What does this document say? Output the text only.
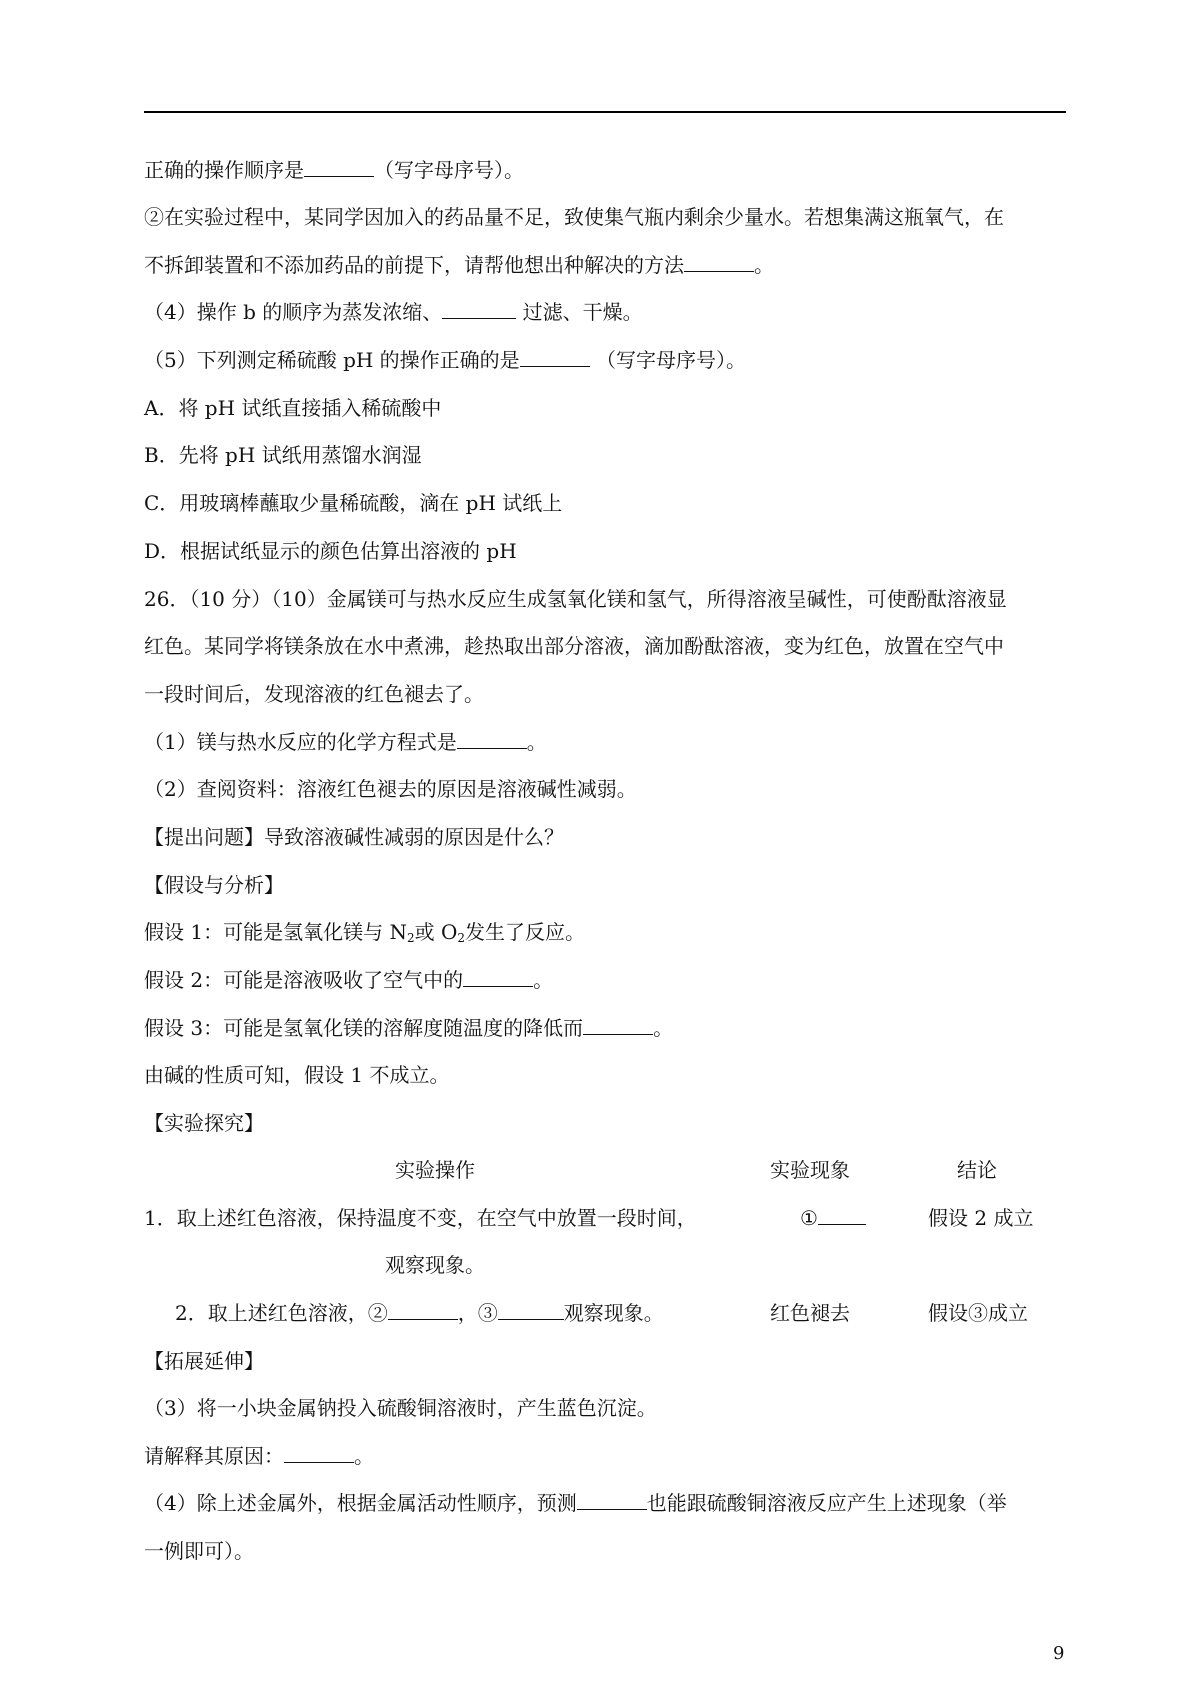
正确的操作顺序是	（写字母序号）。
②在实验过程中，某同学因加入的药品量不足，致使集气瓶内剩余少量水。若想集满这瓶氧气，在
不拆卸装置和不添加药品的前提下，请帮他想出种解决的方法	。
（4）操作 b 的顺序为蒸发浓缩、	过滤、干燥。
（5）下列测定稀硫酸 pH 的操作正确的是	（写字母序号）。
A．将 pH 试纸直接插入稀硫酸中
B．先将 pH 试纸用蒸馏水润湿
C．用玻璃棒蘸取少量稀硫酸，滴在 pH 试纸上
D．根据试纸显示的颜色估算出溶液的 pH
26．（10 分）（10）金属镁可与热水反应生成氢氧化镁和氢气，所得溶液呈碱性，可使酚酞溶液显
红色。某同学将镁条放在水中煮沸，趁热取出部分溶液，滴加酚酞溶液，变为红色，放置在空气中
一段时间后，发现溶液的红色褪去了。
（1）镁与热水反应的化学方程式是	。
（2）查阅资料：溶液红色褪去的原因是溶液碱性减弱。
【提出问题】导致溶液碱性减弱的原因是什么？
【假设与分析】
假设 1：可能是氢氧化镁与 $N_2$或 $O_2$发生了反应。
假设 2：可能是溶液吸收了空气中的	。
假设 3：可能是氢氧化镁的溶解度随温度的降低而	。
由碱的性质可知，假设 1 不成立。
【实验探究】
实验操作	实验现象	结论
1．取上述红色溶液，保持温度不变，在空气中放置一段时间，	①	假设 2 成立
观察现象。
2．取上述红色溶液，②	，③	观察现象。	红色褪去	假设③成立
【拓展延伸】
（3）将一小块金属钠投入硫酸铜溶液时，产生蓝色沉淀。
请解释其原因：	。
（4）除上述金属外，根据金属活动性顺序，预测	也能跟硫酸铜溶液反应产生上述现象（举
一例即可）。
9
